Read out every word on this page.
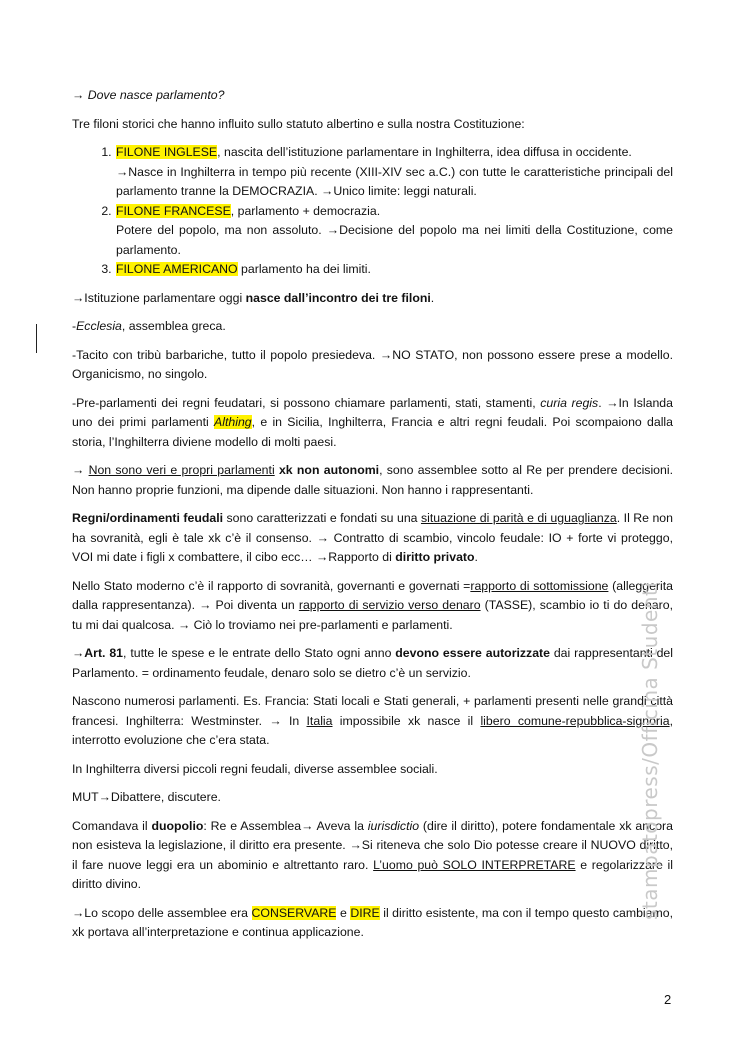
→ Dove nasce parlamento?

Tre filoni storici che hanno influito sullo statuto albertino e sulla nostra Costituzione:

1. FILONE INGLESE, nascita dell’istituzione parlamentare in Inghilterra, idea diffusa in occidente.
→Nasce in Inghilterra in tempo più recente (XIII-XIV sec a.C.) con tutte le caratteristiche principali del parlamento tranne la DEMOCRAZIA. →Unico limite: leggi naturali.
2. FILONE FRANCESE, parlamento + democrazia.
Potere del popolo, ma non assoluto. →Decisione del popolo ma nei limiti della Costituzione, come parlamento.
3. FILONE AMERICANO parlamento ha dei limiti.

→Istituzione parlamentare oggi nasce dall’incontro dei tre filoni.

-Ecclesia, assemblea greca.

-Tacito con tribù barbariche, tutto il popolo presiedeva. →NO STATO, non possono essere prese a modello. Organicismo, no singolo.

-Pre-parlamenti dei regni feudatari, si possono chiamare parlamenti, stati, stamenti, curia regis. →In Islanda uno dei primi parlamenti Althing, e in Sicilia, Inghilterra, Francia e altri regni feudali. Poi scompaiono dalla storia, l’Inghilterra diviene modello di molti paesi.

→ Non sono veri e propri parlamenti xk non autonomi, sono assemblee sotto al Re per prendere decisioni. Non hanno proprie funzioni, ma dipende dalle situazioni. Non hanno i rappresentanti.

Regni/ordinamenti feudali sono caratterizzati e fondati su una situazione di parità e di uguaglianza. Il Re non ha sovranità, egli è tale xk c’è il consenso. → Contratto di scambio, vincolo feudale: IO + forte vi proteggo, VOI mi date i figli x combattere, il cibo ecc… →Rapporto di diritto privato.

Nello Stato moderno c’è il rapporto di sovranità, governanti e governati =rapporto di sottomissione (alleggerita dalla rappresentanza). → Poi diventa un rapporto di servizio verso denaro (TASSE), scambio io ti do denaro, tu mi dai qualcosa. → Ciò lo troviamo nei pre-parlamenti e parlamenti.

→Art. 81, tutte le spese e le entrate dello Stato ogni anno devono essere autorizzate dai rappresentanti del Parlamento. = ordinamento feudale, denaro solo se dietro c’è un servizio.

Nascono numerosi parlamenti. Es. Francia: Stati locali e Stati generali, + parlamenti presenti nelle grandi città francesi. Inghilterra: Westminster. → In Italia impossibile xk nasce il libero comune-repubblica-signoria, interrotto evoluzione che c’era stata.

In Inghilterra diversi piccoli regni feudali, diverse assemblee sociali.

MUT→Dibattere, discutere.

Comandava il duopolio: Re e Assemblea→ Aveva la iurisdictio (dire il diritto), potere fondamentale xk ancora non esisteva la legislazione, il diritto era presente. →Si riteneva che solo Dio potesse creare il NUOVO diritto, il fare nuove leggi era un abominio e altrettanto raro. L’uomo può SOLO INTERPRETARE e regolarizzare il diritto divino.

→Lo scopo delle assemblee era CONSERVARE e DIRE il diritto esistente, ma con il tempo questo cambiamo, xk portava all’interpretazione e continua applicazione.

stampatopress/Officina Studenti
2
